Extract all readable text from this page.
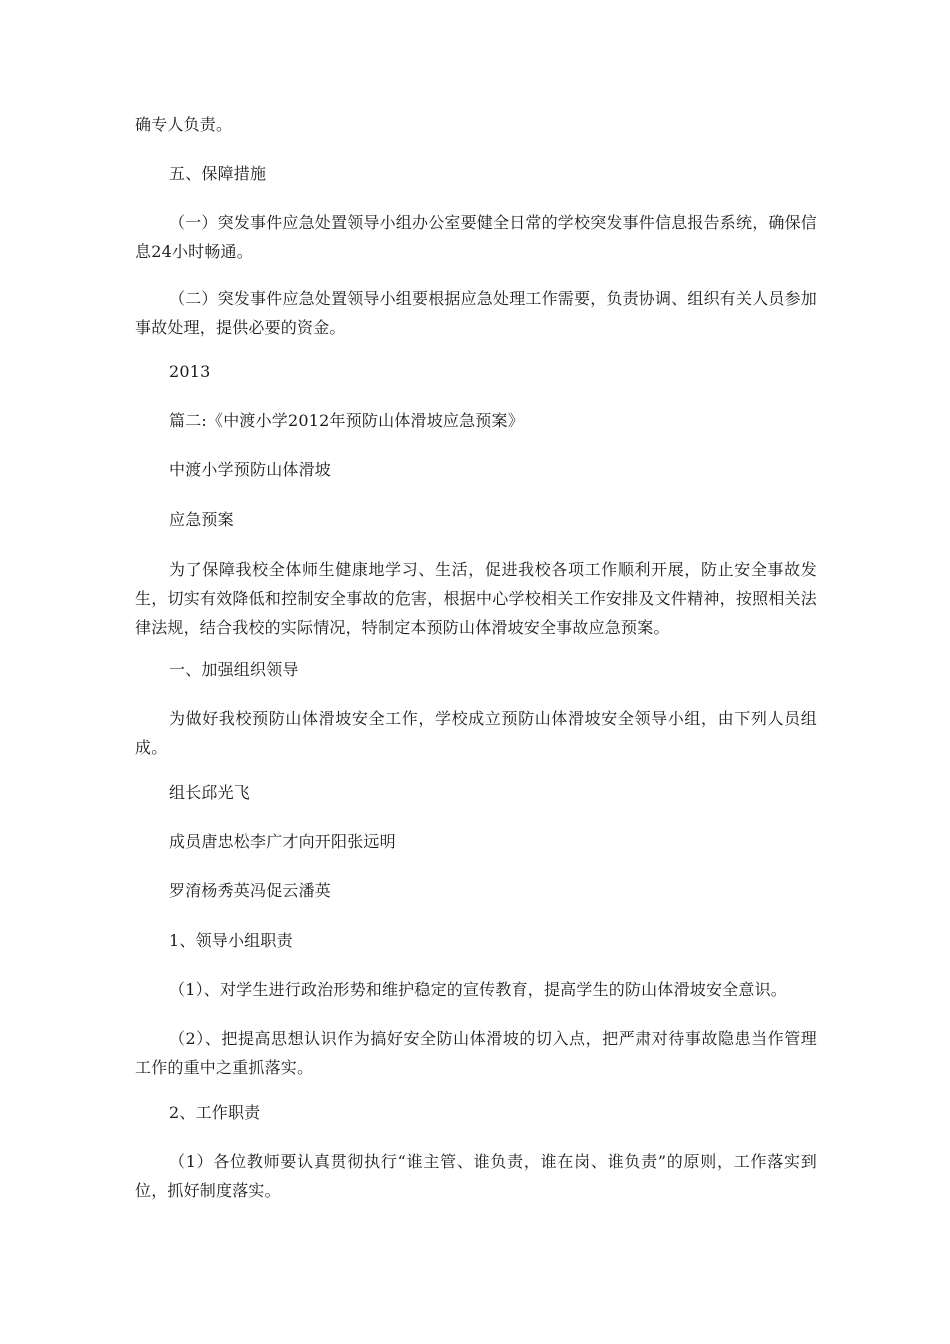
确专人负责。

五、保障措施

（一）突发事件应急处置领导小组办公室要健全日常的学校突发事件信息报告系统，确保信息24小时畅通。

（二）突发事件应急处置领导小组要根据应急处理工作需要，负责协调、组织有关人员参加事故处理，提供必要的资金。

2013

篇二:《中渡小学2012年预防山体滑坡应急预案》

中渡小学预防山体滑坡

应急预案

为了保障我校全体师生健康地学习、生活，促进我校各项工作顺利开展，防止安全事故发生，切实有效降低和控制安全事故的危害，根据中心学校相关工作安排及文件精神，按照相关法律法规，结合我校的实际情况，特制定本预防山体滑坡安全事故应急预案。

一、加强组织领导

为做好我校预防山体滑坡安全工作，学校成立预防山体滑坡安全领导小组，由下列人员组成。

组长邱光飞

成员唐忠松李广才向开阳张远明

罗淯杨秀英冯促云潘英

1、领导小组职责

（1）、对学生进行政治形势和维护稳定的宣传教育，提高学生的防山体滑坡安全意识。

（2）、把提高思想认识作为搞好安全防山体滑坡的切入点，把严肃对待事故隐患当作管理工作的重中之重抓落实。

2、工作职责

（1）各位教师要认真贯彻执行“谁主管、谁负责，谁在岗、谁负责”的原则，工作落实到位，抓好制度落实。
